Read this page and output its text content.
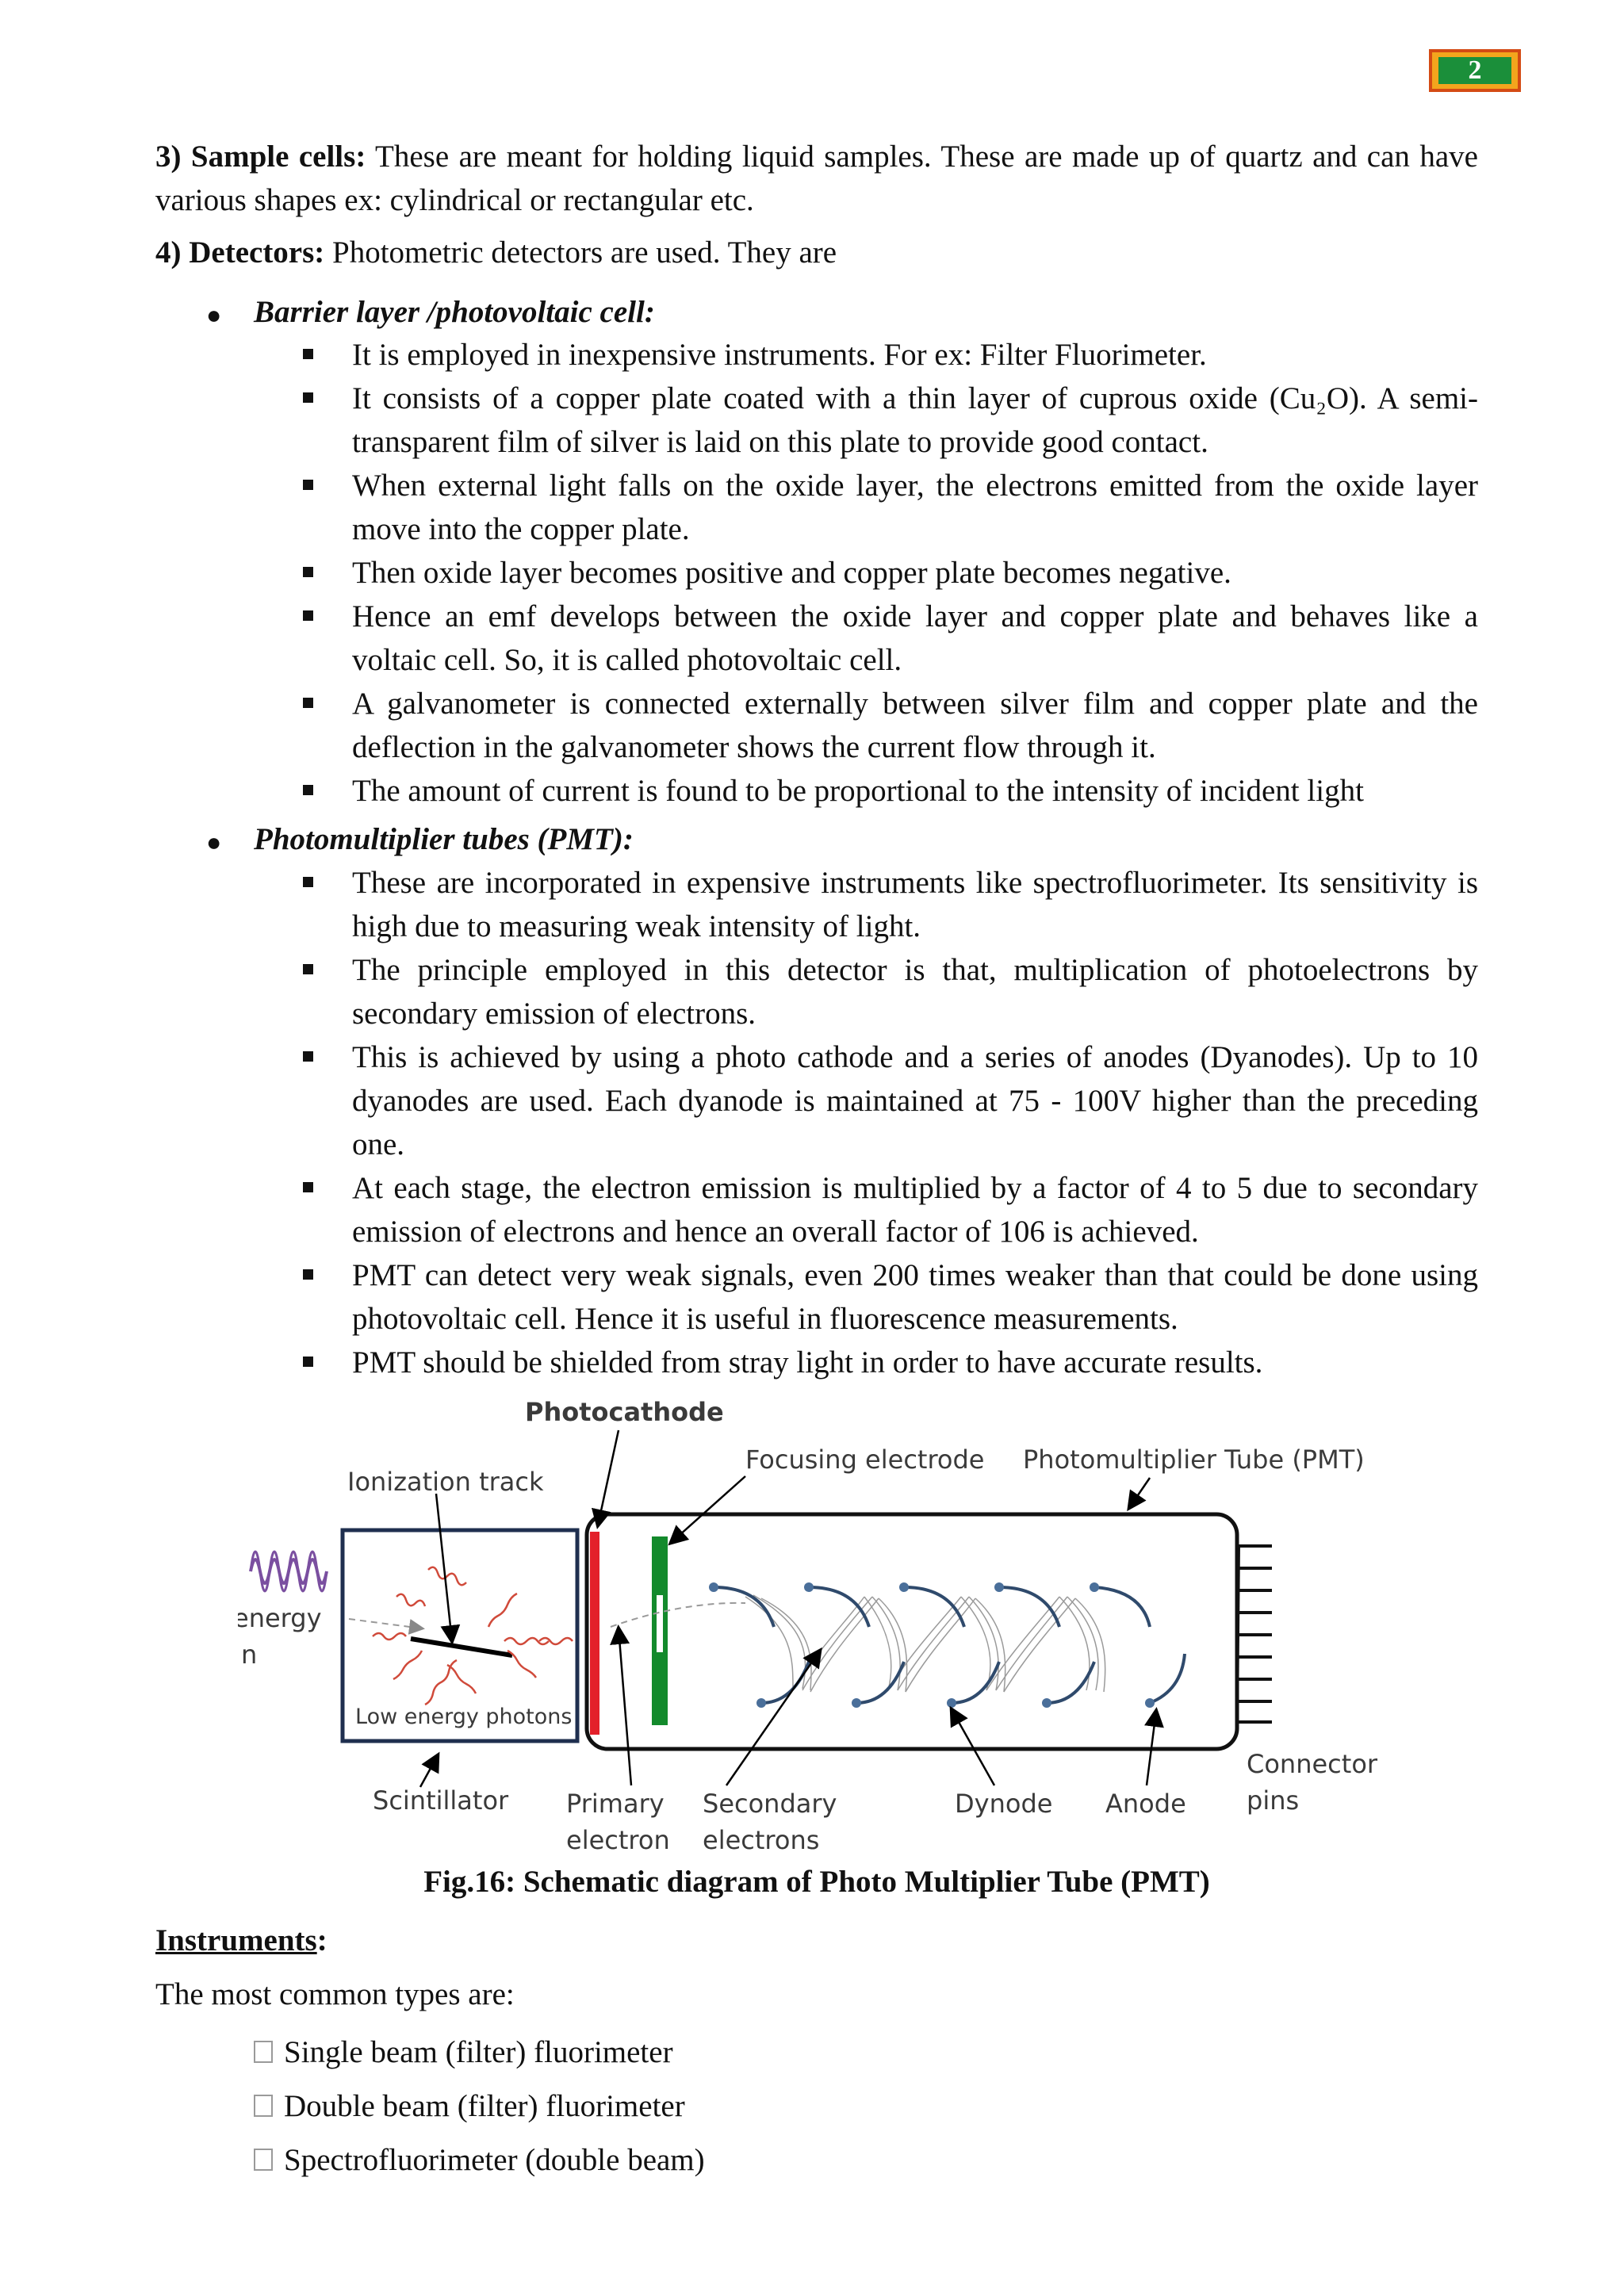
2

3) Sample cells: These are meant for holding liquid samples. These are made up of quartz and can have various shapes ex: cylindrical or rectangular etc.

4) Detectors: Photometric detectors are used. They are

● Barrier layer /photovoltaic cell:
It is employed in inexpensive instruments. For ex: Filter Fluorimeter.
It consists of a copper plate coated with a thin layer of cuprous oxide (Cu₂O). A semi-transparent film of silver is laid on this plate to provide good contact.
When external light falls on the oxide layer, the electrons emitted from the oxide layer move into the copper plate.
Then oxide layer becomes positive and copper plate becomes negative.
Hence an emf develops between the oxide layer and copper plate and behaves like a voltaic cell. So, it is called photovoltaic cell.
A galvanometer is connected externally between silver film and copper plate and the deflection in the galvanometer shows the current flow through it.
The amount of current is found to be proportional to the intensity of incident light
● Photomultiplier tubes (PMT):
These are incorporated in expensive instruments like spectrofluorimeter. Its sensitivity is high due to measuring weak intensity of light.
The principle employed in this detector is that, multiplication of photoelectrons by secondary emission of electrons.
This is achieved by using a photo cathode and a series of anodes (Dyanodes). Up to 10 dyanodes are used. Each dyanode is maintained at 75 - 100V higher than the preceding one.
At each stage, the electron emission is multiplied by a factor of 4 to 5 due to secondary emission of electrons and hence an overall factor of 106 is achieved.
PMT can detect very weak signals, even 200 times weaker than that could be done using photovoltaic cell. Hence it is useful in fluorescence measurements.
PMT should be shielded from stray light in order to have accurate results.
Photocathode
Focusing electrode Photomultiplier Tube (PMT)
Ionization track
energy
n
Low energy photons
Connector
pins
Scintillator Primary
electron
Secondary
electrons
Dynode Anode
Fig.16: Schematic diagram of Photo Multiplier Tube (PMT)
Instruments:
The most common types are:
Single beam (filter) fluorimeter
Double beam (filter) fluorimeter
Spectrofluorimeter (double beam)
